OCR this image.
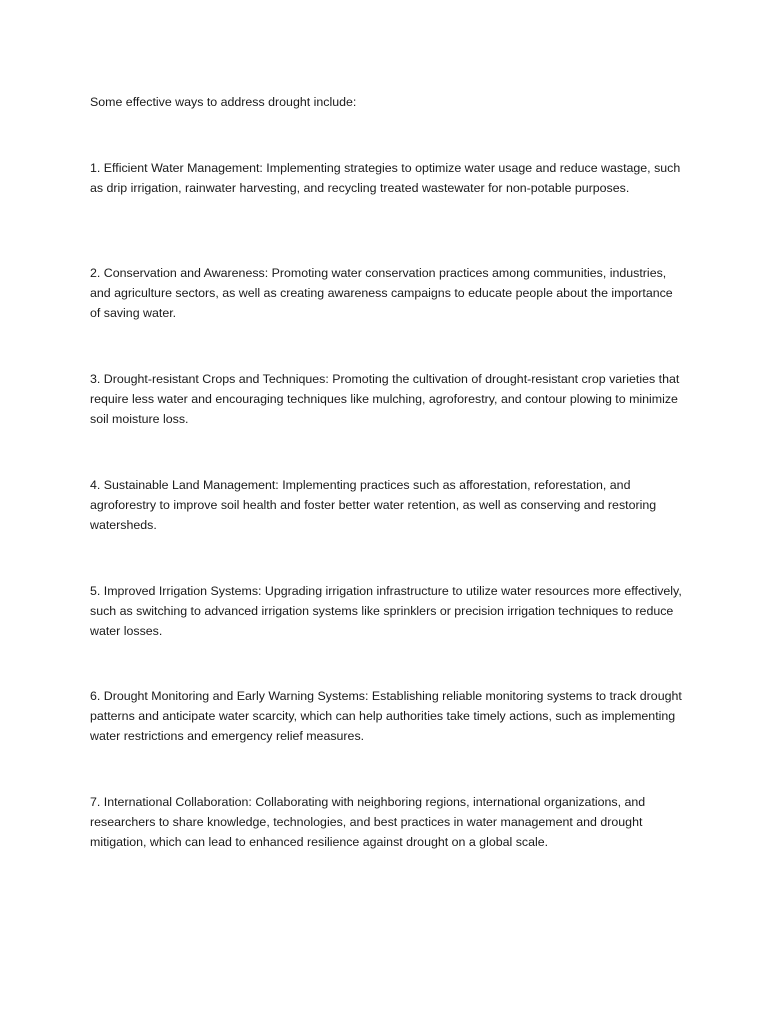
Some effective ways to address drought include:

1. Efficient Water Management: Implementing strategies to optimize water usage and reduce wastage, such as drip irrigation, rainwater harvesting, and recycling treated wastewater for non-potable purposes.

2. Conservation and Awareness: Promoting water conservation practices among communities, industries, and agriculture sectors, as well as creating awareness campaigns to educate people about the importance of saving water.

3. Drought-resistant Crops and Techniques: Promoting the cultivation of drought-resistant crop varieties that require less water and encouraging techniques like mulching, agroforestry, and contour plowing to minimize soil moisture loss.

4. Sustainable Land Management: Implementing practices such as afforestation, reforestation, and agroforestry to improve soil health and foster better water retention, as well as conserving and restoring watersheds.

5. Improved Irrigation Systems: Upgrading irrigation infrastructure to utilize water resources more effectively, such as switching to advanced irrigation systems like sprinklers or precision irrigation techniques to reduce water losses.

6. Drought Monitoring and Early Warning Systems: Establishing reliable monitoring systems to track drought patterns and anticipate water scarcity, which can help authorities take timely actions, such as implementing water restrictions and emergency relief measures.

7. International Collaboration: Collaborating with neighboring regions, international organizations, and researchers to share knowledge, technologies, and best practices in water management and drought mitigation, which can lead to enhanced resilience against drought on a global scale.
